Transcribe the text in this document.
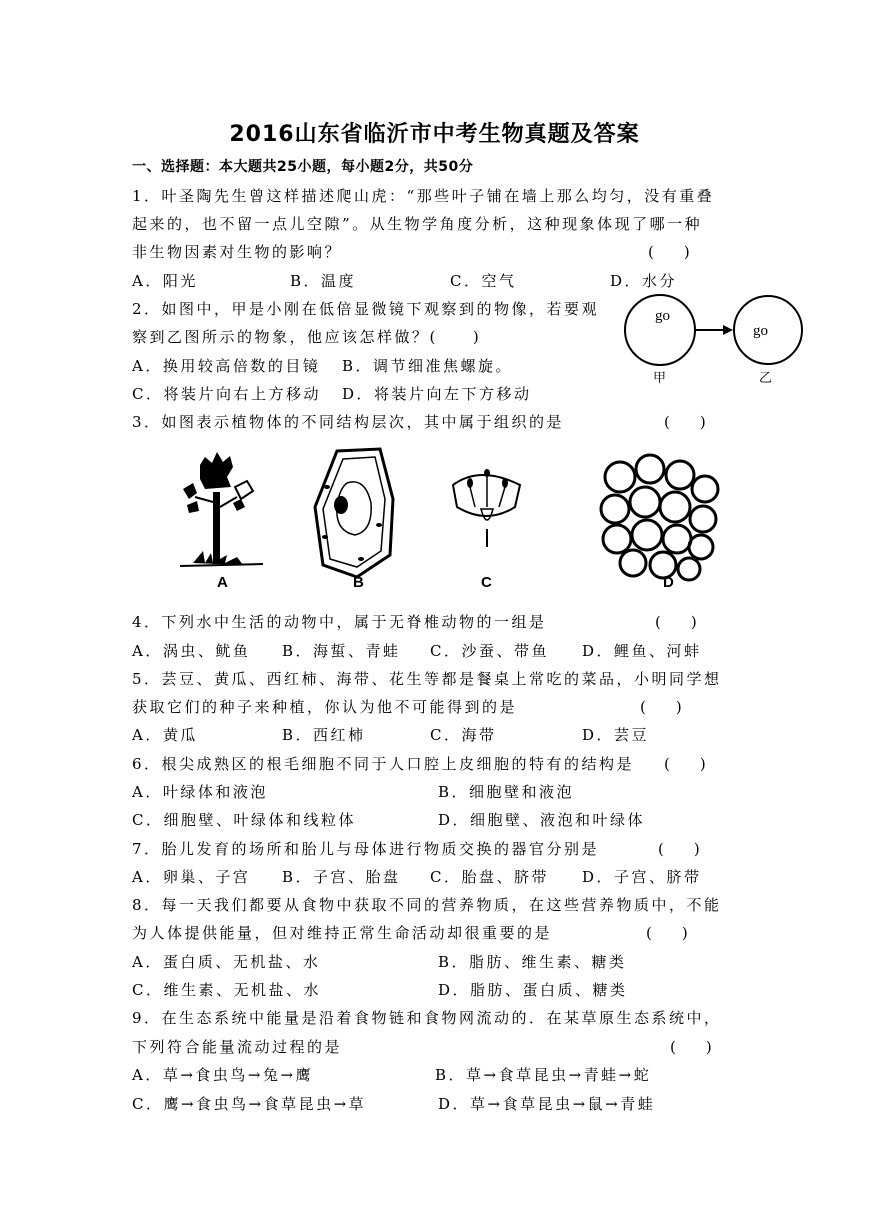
2016山东省临沂市中考生物真题及答案
一、选择题：本大题共25小题，每小题2分，共50分
1．叶圣陶先生曾这样描述爬山虎：“那些叶子铺在墙上那么均匀，没有重叠
起来的，也不留一点儿空隙”。从生物学角度分析，这种现象体现了哪一种
非生物因素对生物的影响？	(　　)
A．阳光	B．温度	C．空气	D．水分
2．如图中，甲是小刚在低倍显微镜下观察到的物像，若要观
察到乙图所示的物象，他应该怎样做？(　　)
A．换用较高倍数的目镜 B．调节细准焦螺旋。
C．将装片向右上方移动 D．将装片向左下方移动
go
go
甲	乙
3．如图表示植物体的不同结构层次，其中属于组织的是	(　　)
A	B	C	D
4．下列水中生活的动物中，属于无脊椎动物的一组是	(　　)
A．涡虫、鱿鱼 B．海蜇、青蛙 C．沙蚕、带鱼 D．鲤鱼、河蚌
5．芸豆、黄瓜、西红柿、海带、花生等都是餐桌上常吃的菜品，小明同学想
获取它们的种子来种植，你认为他不可能得到的是	(　　)
A．黄瓜	B．西红柿	C．海带	D．芸豆
6．根尖成熟区的根毛细胞不同于人口腔上皮细胞的特有的结构是 (　　)
A．叶绿体和液泡	B．细胞壁和液泡
C．细胞壁、叶绿体和线粒体	D．细胞壁、液泡和叶绿体
7．胎儿发育的场所和胎儿与母体进行物质交换的器官分别是	(　　)
A．卵巢、子宫 B．子宫、胎盘 C．胎盘、脐带 D．子宫、脐带
8．每一天我们都要从食物中获取不同的营养物质，在这些营养物质中，不能
为人体提供能量，但对维持正常生命活动却很重要的是	(　　)
A．蛋白质、无机盐、水	B．脂肪、维生素、糖类
C．维生素、无机盐、水	D．脂肪、蛋白质、糖类
9．在生态系统中能量是沿着食物链和食物网流动的．在某草原生态系统中，
下列符合能量流动过程的是	(　　)
A．草→食虫鸟→兔→鹰	B．草→食草昆虫→青蛙→蛇
C．鹰→食虫鸟→食草昆虫→草	D．草→食草昆虫→鼠→青蛙
